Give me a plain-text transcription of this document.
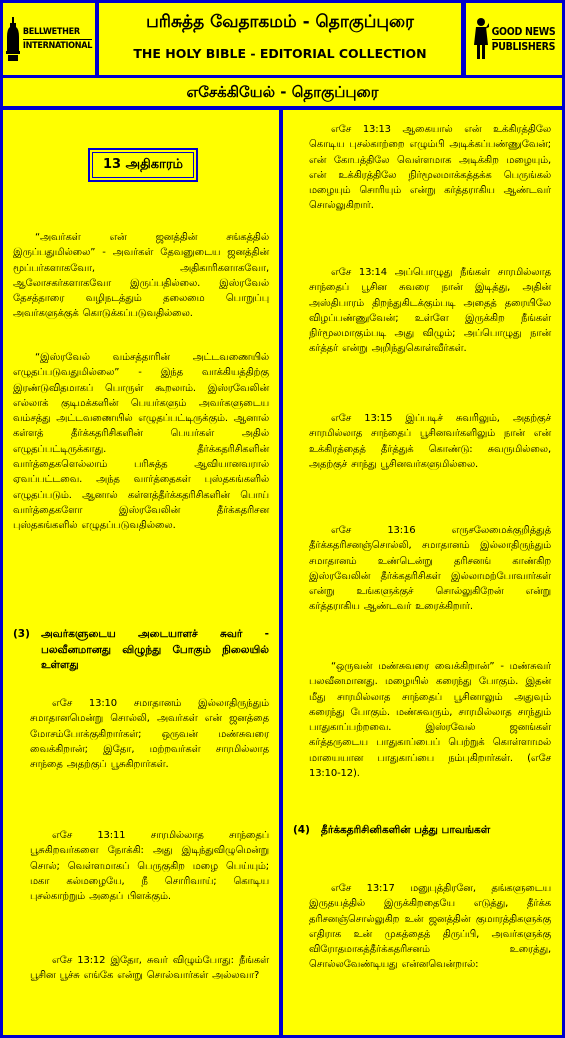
BELLWETHER
INTERNATIONAL
பரிசுத்த வேதாகமம் - தொகுப்புரை
THE HOLY BIBLE - EDITORIAL COLLECTION
GOOD NEWS
PUBLISHERS
எசேக்கியேல் - தொகுப்புரை
13 அதிகாரம்

“அவர்கள் என் ஜனத்தின் சங்கத்தில் இருப்பதுமில்லை” - அவர்கள் தேவனுடைய ஜனத்தின் மூப்பர்களாகவோ, அதிகாரிகளாகவோ, ஆலோசகர்களாகவோ இருப்பதில்லை. இஸ்ரவேல் தேசத்தாரை வழிநடத்தும் தலைமை பொறுப்பு அவர்களுக்குக் கொடுக்கப்படுவதில்லை.

“இஸ்ரவேல் வம்சத்தாரின் அட்டவணையில் எழுதப்படுவதுமில்லை” - இந்த வாக்கியத்திற்கு இரண்டுவிதமாகப் பொருள் கூறலாம். இஸ்ரவேலின் எல்லாக் குடிமக்களின் பெயர்களும் அவர்களுடைய வம்சத்து அட்டவணையில் எழுதப்பட்டிருக்கும். ஆனால் கள்ளத் தீர்க்கதரிசிகளின் பெயர்கள் அதில் எழுதப்பட்டிருக்காது. தீர்க்கதரிசிகளின் வார்த்தைகளெல்லாம் பரிசுத்த ஆவியானவரால் ஏவப்பட்டவை. அந்த வார்த்தைகள் புஸ்தகங்களில் எழுதப்படும். ஆனால் கள்ளத்தீர்க்கதரிசிகளின் பொய் வார்த்தைகளோ இஸ்ரவேலின் தீர்க்கதரிசன புஸ்தகங்களில் எழுதப்படுவதில்லை.

(3)	அவர்களுடைய அடையாளச் சுவர் - பலவீனமானது விழுந்து போகும் நிலையில் உள்ளது

எசே 13:10 சமாதானம் இல்லாதிருந்தும் சமாதானமென்று சொல்லி, அவர்கள் என் ஜனத்தை மோசம்போக்குகிறார்கள்; ஒருவன் மண்சுவரை வைக்கிறான்; இதோ, மற்றவர்கள் சாரமில்லாத சாந்தை அதற்குப் பூசுகிறார்கள்.

எசே 13:11 சாரமில்லாத சாந்தைப் பூசுகிறவர்களை நோக்கி: அது இடிந்துவிழுமென்று சொல்; வெள்ளமாகப் பெருகுகிற மழை பெய்யும்; மகா கல்மழையே, நீ சொரிவாய்; கொடிய புசல்காற்றும் அதைப் பிளக்கும்.

எசே 13:12 இதோ, சுவர் விழும்போது: நீங்கள் பூசின பூச்சு எங்கே என்று சொல்வார்கள் அல்லவா?

எசே 13:13 ஆகையால் என் உக்கிரத்திலே கொடிய புசல்காற்றை எழும்பி அடிக்கப்பண்ணுவேன்; என் கோபத்திலே வெள்ளமாக அடிக்கிற மழையும், என் உக்கிரத்திலே நிர்மூலமாக்கத்தக்க பெருங்கல் மழையும் சொரியும் என்று கர்த்தராகிய ஆண்டவர் சொல்லுகிறார்.

எசே 13:14 அப்பொழுது நீங்கள் சாரமில்லாத சாந்தைப் பூசின சுவரை நான் இடித்து, அதின் அஸ்திபாரம் திறந்துகிடக்கும்படி அதைத் தரையிலே விழப்பண்ணுவேன்; உள்ளே இருக்கிற நீங்கள் நிர்மூலமாகும்படி அது விழும்; அப்பொழுது நான் கர்த்தர் என்று அறிந்துகொள்வீர்கள்.

எசே 13:15 இப்படிச் சுவரிலும், அதற்குச் சாரமில்லாத சாந்தைப் பூசினவர்களிலும் நான் என் உக்கிரத்தைத் தீர்த்துக் கொண்டு: சுவருமில்லை, அதற்குச் சாந்து பூசினவர்களுமில்லை.

எசே 13:16 எருசலேமைக்குறித்துத் தீர்க்கதரிசனஞ்சொல்லி, சமாதானம் இல்லாதிருந்தும் சமாதானம் உண்டென்று தரிசனங் காண்கிற இஸ்ரவேலின் தீர்க்கதரிசிகள் இல்லாமற்போவார்கள் என்று உங்களுக்குச் சொல்லுகிறேன் என்று கர்த்தராகிய ஆண்டவர் உரைக்கிறார்.

“ஒருவன் மண்சுவரை வைக்கிறான்” - மண்சுவர் பலவீனமானது. மழையில் கரைந்து போகும். இதன் மீது சாரமில்லாத சாந்தைப் பூசினாலும் அதுவும் கரைந்து போகும். மண்சுவரும், சாரமில்லாத சாந்தும் பாதுகாப்பற்றவை. இஸ்ரவேல் ஜனங்கள் கர்த்தருடைய பாதுகாப்பைப் பெற்றுக் கொள்ளாமல் மாயையான பாதுகாப்பை நம்புகிறார்கள். (எசே 13:10-12).

(4)	தீர்க்கதரிசினிகளின் பத்து பாவங்கள்

எசே 13:17 மனுபுத்திரனே, தங்களுடைய இருதயத்தில் இருக்கிறதையே எடுத்து, தீர்க்க தரிசனஞ்சொல்லுகிற உன் ஜனத்தின் குமாரத்திகளுக்கு எதிராக உன் முகத்தைத் திருப்பி, அவர்களுக்கு விரோதமாகத்தீர்க்கதரிசனம் உரைத்து, சொல்லவேண்டியது என்னவென்றால்:
